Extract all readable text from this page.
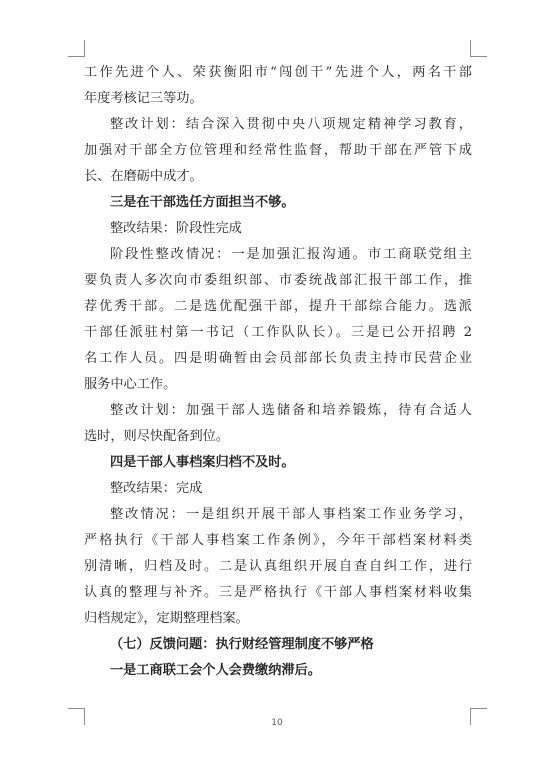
工作先进个人、荣获衡阳市“闯创干”先进个人，两名干部
年度考核记三等功。
整改计划：结合深入贯彻中央八项规定精神学习教育，
加强对干部全方位管理和经常性监督，帮助干部在严管下成
长、在磨砺中成才。
三是在干部选任方面担当不够。
整改结果：阶段性完成
阶段性整改情况：一是加强汇报沟通。市工商联党组主
要负责人多次向市委组织部、市委统战部汇报干部工作，推
荐优秀干部。二是选优配强干部，提升干部综合能力。选派
干部任派驻村第一书记（工作队队长）。三是已公开招聘 2
名工作人员。四是明确暂由会员部部长负责主持市民营企业
服务中心工作。
整改计划：加强干部人选储备和培养锻炼，待有合适人
选时，则尽快配备到位。
四是干部人事档案归档不及时。
整改结果：完成
整改情况：一是组织开展干部人事档案工作业务学习，
严格执行《干部人事档案工作条例》，今年干部档案材料类
别清晰，归档及时。二是认真组织开展自查自纠工作，进行
认真的整理与补齐。三是严格执行《干部人事档案材料收集
归档规定》，定期整理档案。
（七）反馈问题：执行财经管理制度不够严格
一是工商联工会个人会费缴纳滞后。
10
